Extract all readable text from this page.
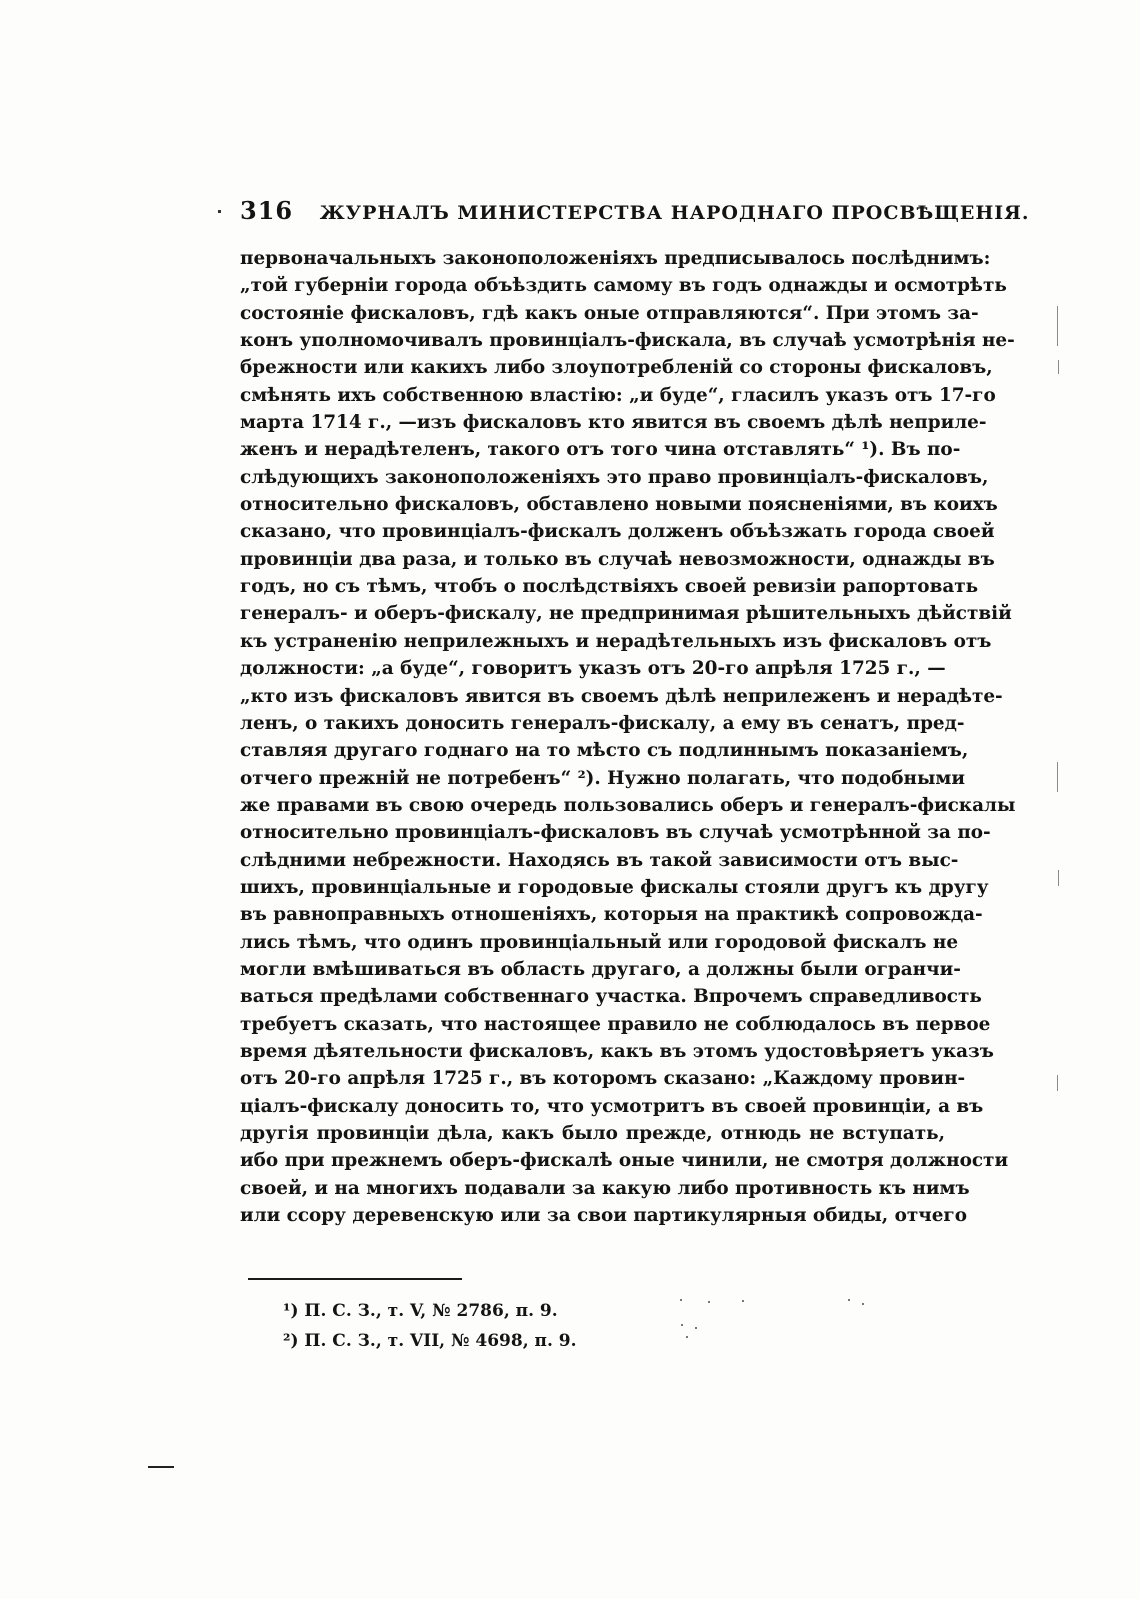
316 ЖУРНАЛЪ МИНИСТЕРСТВА НАРОДНАГО ПРОСВѢЩЕНІЯ.
первоначальныхъ законоположеніяхъ предписывалось послѣднимъ:
„той губерніи города объѣздить самому въ годъ однажды и осмотрѣть
состояніе фискаловъ, гдѣ какъ оные отправляются“. При этомъ за-
конъ уполномочивалъ провинціалъ-фискала, въ случаѣ усмотрѣнія не-
брежности или какихъ либо злоупотребленій со стороны фискаловъ,
смѣнять ихъ собственною властію: „и буде“, гласилъ указъ отъ 17-го
марта 1714 г., —изъ фискаловъ кто явится въ своемъ дѣлѣ неприле-
женъ и нерадѣтеленъ, такого отъ того чина отставлять“ ¹). Въ по-
слѣдующихъ законоположеніяхъ это право провинціалъ-фискаловъ,
относительно фискаловъ, обставлено новыми поясненіями, въ коихъ
сказано, что провинціалъ-фискалъ долженъ объѣзжать города своей
провинціи два раза, и только въ случаѣ невозможности, однажды въ
годъ, но съ тѣмъ, чтобъ о послѣдствіяхъ своей ревизіи рапортовать
генералъ- и оберъ-фискалу, не предпринимая рѣшительныхъ дѣйствій
къ устраненію неприлежныхъ и нерадѣтельныхъ изъ фискаловъ отъ
должности: „а буде“, говоритъ указъ отъ 20-го апрѣля 1725 г., —
„кто изъ фискаловъ явится въ своемъ дѣлѣ неприлеженъ и нерадѣте-
ленъ, о такихъ доносить генералъ-фискалу, а ему въ сенатъ, пред-
ставляя другаго годнаго на то мѣсто съ подлиннымъ показаніемъ,
отчего прежній не потребенъ“ ²). Нужно полагать, что подобными
же правами въ свою очередь пользовались оберъ и генералъ-фискалы
относительно провинціалъ-фискаловъ въ случаѣ усмотрѣнной за по-
слѣдними небрежности. Находясь въ такой зависимости отъ выс-
шихъ, провинціальные и городовые фискалы стояли другъ къ другу
въ равноправныхъ отношеніяхъ, которыя на практикѣ сопровожда-
лись тѣмъ, что одинъ провинціальный или городовой фискалъ не
могли вмѣшиваться въ область другаго, а должны были огранчи-
ваться предѣлами собственнаго участка. Впрочемъ справедливость
требуетъ сказать, что настоящее правило не соблюдалось въ первое
время дѣятельности фискаловъ, какъ въ этомъ удостовѣряетъ указъ
отъ 20-го апрѣля 1725 г., въ которомъ сказано: „Каждому провин-
ціалъ-фискалу доносить то, что усмотритъ въ своей провинціи, а въ
другія провинціи дѣла, какъ было прежде, отнюдь не вступать,
ибо при прежнемъ оберъ-фискалѣ оные чинили, не смотря должности
своей, и на многихъ подавали за какую либо противность къ нимъ
или ссору деревенскую или за свои партикулярныя обиды, отчего
¹) П. С. З., т. V, № 2786, п. 9.
²) П. С. З., т. VII, № 4698, п. 9.
